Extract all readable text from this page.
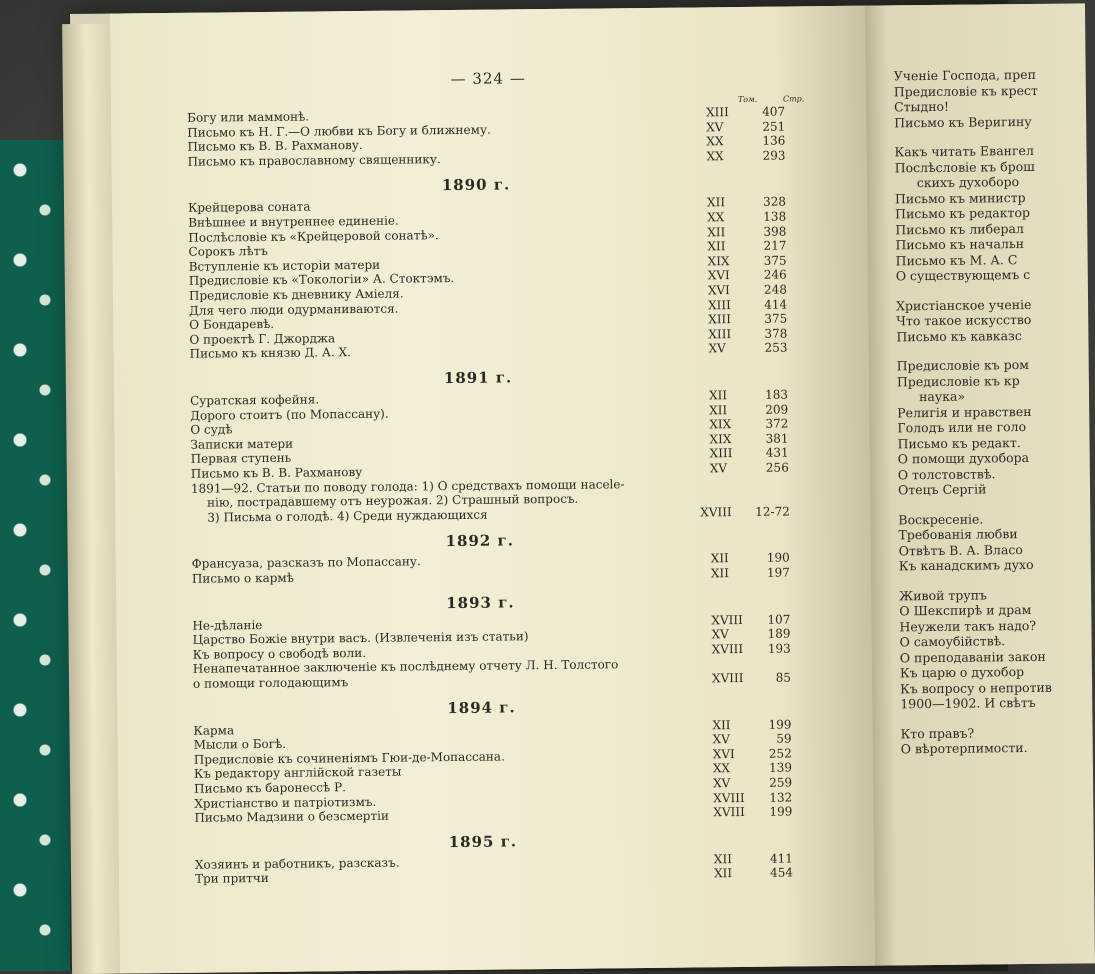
— 324 —
Том.	Стр.
Богу или маммонѣ.	XIII	407
Письмо къ Н. Г.—О любви къ Богу и ближнему.	XV	251
Письмо къ В. В. Рахманову.	XX	136
Письмо къ православному священнику.	XX	293
1890 г.
Крейцерова соната	XII	328
Внѣшнее и внутреннее единеніе.	XX	138
Послѣсловіе къ «Крейцеровой сонатѣ».	XII	398
Сорокъ лѣтъ	XII	217
Вступленіе къ исторіи матери	XIX	375
Предисловіе къ «Токологіи» А. Стоктэмъ.	XVI	246
Предисловіе къ дневнику Амiеля.	XVI	248
Для чего люди одурманиваются.	XIII	414
О Бондаревѣ.	XIII	375
О проектѣ Г. Джорджа	XIII	378
Письмо къ князю Д. А. Х.	XV	253
1891 г.
Суратская кофейня.	XII	183
Дорого стоитъ (по Мопассану).	XII	209
О судѣ	XIX	372
Записки матери	XIX	381
Первая ступень	XIII	431
Письмо къ В. В. Рахманову	XV	256
1891—92. Статьи по поводу голода: 1) О средствахъ помощи насele-
нію, пострадавшему отъ неурожая. 2) Страшный вопросъ.
3) Письма о голодѣ. 4) Среди нуждающихся	XVIII 12-72
1892 г.
Франсуаза, разсказъ по Мопассану.	XII	190
Письмо о кармѣ	XII	197
1893 г.
Не-дѣланіе	XVIII	107
Царство Божіе внутри васъ. (Извлеченія изъ статьи)	XV	189
Къ вопросу о свободѣ воли.	XVIII	193
Ненапечатанное заключеніе къ послѣднему отчету Л. Н. Толстого
о помощи голодающимъ	XVIII	85
1894 г.
Карма	XII	199
Мысли о Богѣ.	XV	59
Предисловіе къ сочиненіямъ Гюи-де-Мопассана.	XVI	252
Къ редактору англійской газеты	XX	139
Письмо къ баронессѣ Р.	XV	259
Христіанство и патріотизмъ.	XVIII	132
Письмо Мадзини о безсмертіи	XVIII	199
1895 г.
Хозяинъ и работникъ, разсказъ.	XII	411
Три притчи	XII	454
Ученіе Господа, преп
Предисловіе къ крест
Стыдно!
Письмо къ Веригину
Какъ читать Евангел
Послѣсловіе къ брош
скихъ духоборо
Письмо къ министр
Письмо къ редактор
Письмо къ либерал
Письмо къ начальн
Письмо къ М. А. С
О существующемъ с
Христіанское ученіе
Что такое искусство
Письмо къ кавказс
Предисловіе къ ром
Предисловіе къ кр
наука»
Религія и нравствен
Голодъ или не голо
Письмо къ редакт.
О помощи духобора
О толстовствѣ.
Отецъ Сергій
Воскресеніе.
Требованія любви
Отвѣтъ В. А. Власо
Къ канадскимъ духо
Живой трупъ
О Шекспирѣ и драм
Неужели такъ надо?
О самоубійствѣ.
О преподаваніи закон
Къ царю о духобор
Къ вопросу о непротив
1900—1902. И свѣтъ
Кто правъ?
О вѣротерпимости.
